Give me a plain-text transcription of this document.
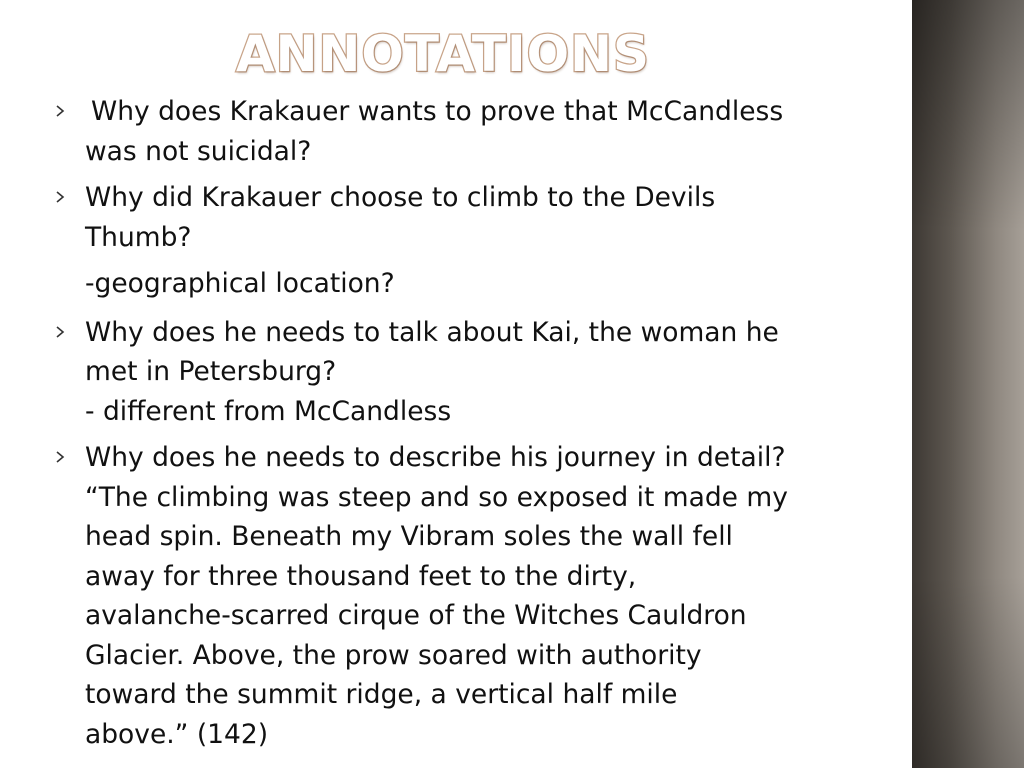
ANNOTATIONS
Why does Krakauer wants to prove that McCandless
was not suicidal?
Why did Krakauer choose to climb to the Devils
Thumb?
-geographical location?
Why does he needs to talk about Kai, the woman he
met in Petersburg?
- different from McCandless
Why does he needs to describe his journey in detail?
“The climbing was steep and so exposed it made my
head spin. Beneath my Vibram soles the wall fell
away for three thousand feet to the dirty,
avalanche-scarred cirque of the Witches Cauldron
Glacier. Above, the prow soared with authority
toward the summit ridge, a vertical half mile
above.” (142)
